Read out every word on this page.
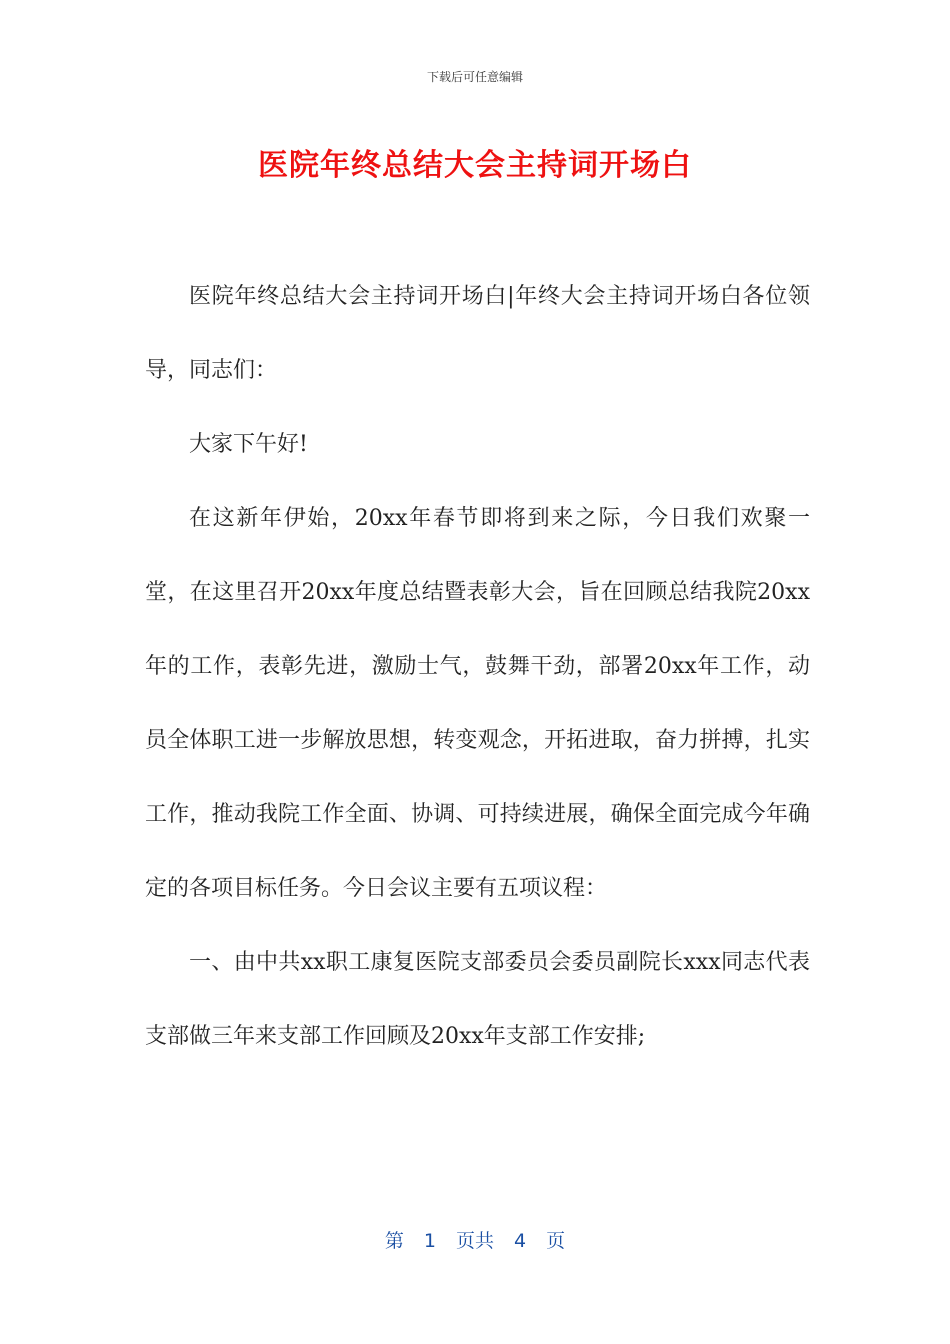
下载后可任意编辑
医院年终总结大会主持词开场白

医院年终总结大会主持词开场白|年终大会主持词开场白各位领导，同志们：

大家下午好!

在这新年伊始，20xx年春节即将到来之际，今日我们欢聚一堂，在这里召开20xx年度总结暨表彰大会，旨在回顾总结我院20xx年的工作，表彰先进，激励士气，鼓舞干劲，部署20xx年工作，动员全体职工进一步解放思想，转变观念，开拓进取，奋力拼搏，扎实工作，推动我院工作全面、协调、可持续进展，确保全面完成今年确定的各项目标任务。今日会议主要有五项议程：

一、由中共xx职工康复医院支部委员会委员副院长xxx同志代表支部做三年来支部工作回顾及20xx年支部工作安排;

第 1 页共 4 页
